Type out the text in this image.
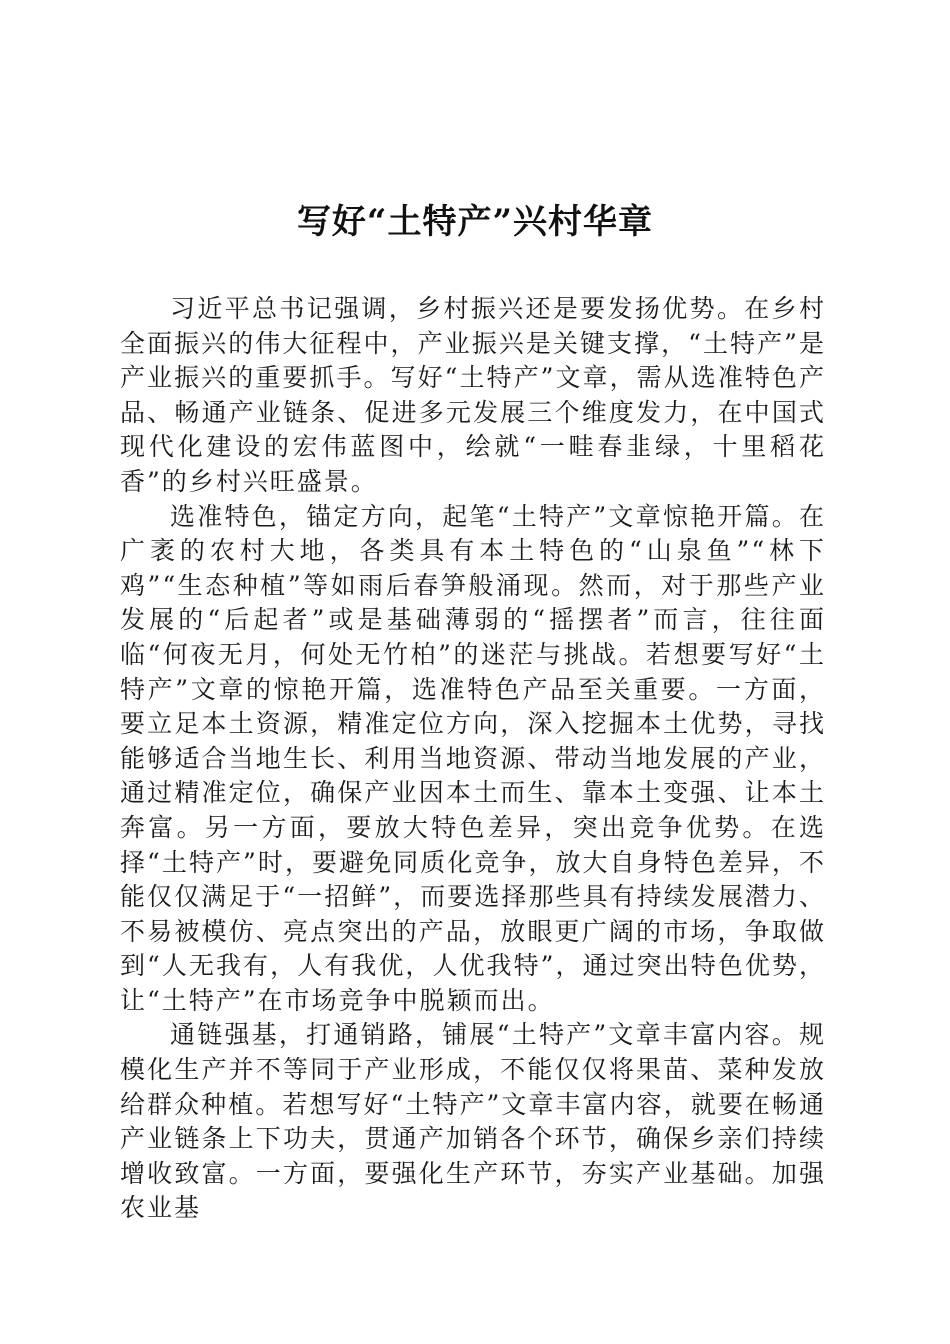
写好“土特产”兴村华章

习近平总书记强调，乡村振兴还是要发扬优势。在乡村全面振兴的伟大征程中，产业振兴是关键支撑，“土特产”是产业振兴的重要抓手。写好“土特产”文章，需从选准特色产品、畅通产业链条、促进多元发展三个维度发力，在中国式现代化建设的宏伟蓝图中，绘就“一畦春韭绿，十里稻花香”的乡村兴旺盛景。

选准特色，锚定方向，起笔“土特产”文章惊艳开篇。在广袤的农村大地，各类具有本土特色的“山泉鱼”“林下鸡”“生态种植”等如雨后春笋般涌现。然而，对于那些产业发展的“后起者”或是基础薄弱的“摇摆者”而言，往往面临“何夜无月，何处无竹柏”的迷茫与挑战。若想要写好“土特产”文章的惊艳开篇，选准特色产品至关重要。一方面，要立足本土资源，精准定位方向，深入挖掘本土优势，寻找能够适合当地生长、利用当地资源、带动当地发展的产业，通过精准定位，确保产业因本土而生、靠本土变强、让本土奔富。另一方面，要放大特色差异，突出竞争优势。在选择“土特产”时，要避免同质化竞争，放大自身特色差异，不能仅仅满足于“一招鲜”，而要选择那些具有持续发展潜力、不易被模仿、亮点突出的产品，放眼更广阔的市场，争取做到“人无我有，人有我优，人优我特”，通过突出特色优势，让“土特产”在市场竞争中脱颖而出。

通链强基，打通销路，铺展“土特产”文章丰富内容。规模化生产并不等同于产业形成，不能仅仅将果苗、菜种发放给群众种植。若想写好“土特产”文章丰富内容，就要在畅通产业链条上下功夫，贯通产加销各个环节，确保乡亲们持续增收致富。一方面，要强化生产环节，夯实产业基础。加强农业基
